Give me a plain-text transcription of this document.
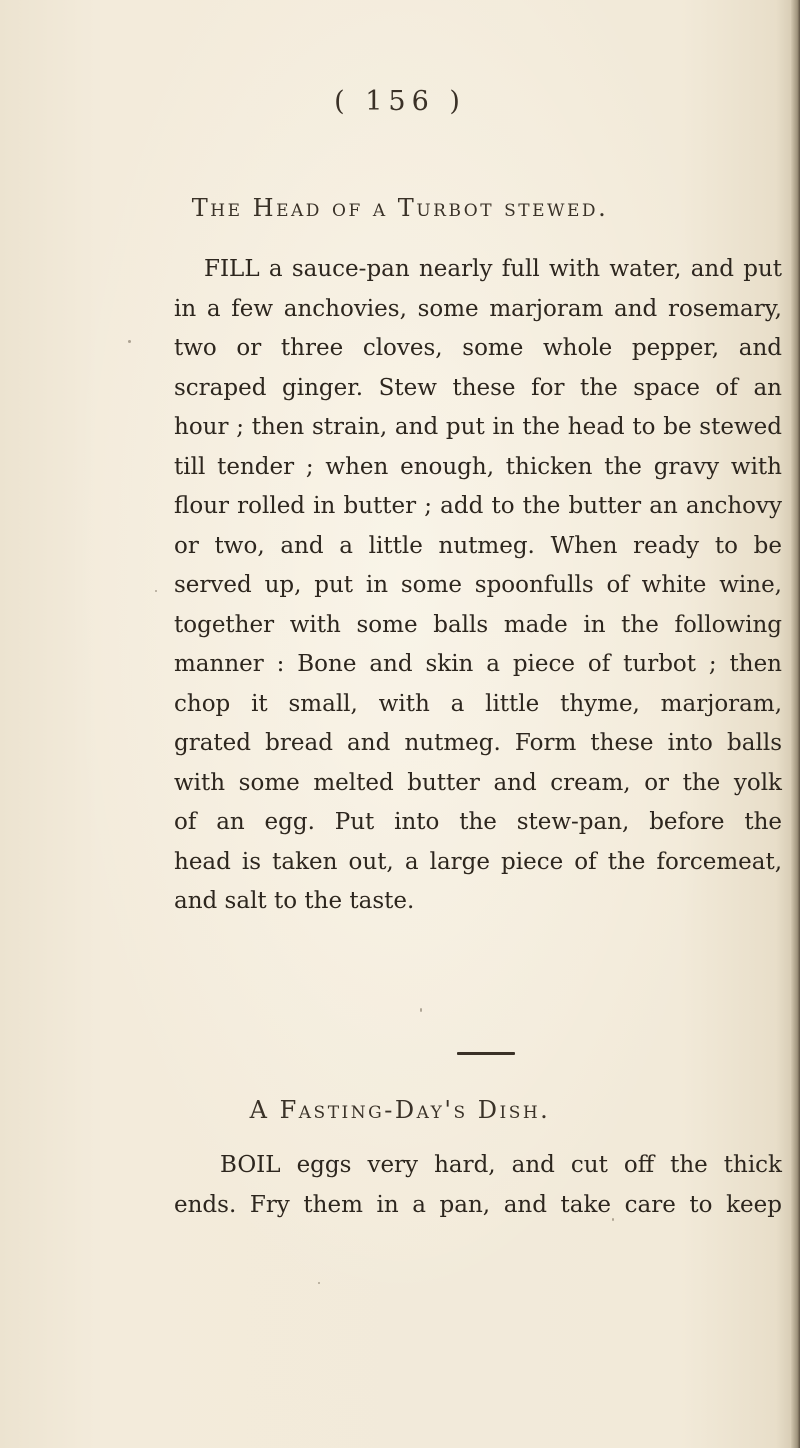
( 156 )
The Head of a Turbot stewed.
FILL a sauce-pan nearly full with water, and put
in a few anchovies, some marjoram and rosemary,
two or three cloves, some whole pepper, and
scraped ginger. Stew these for the space of an
hour ; then strain, and put in the head to be stewed
till tender ; when enough, thicken the gravy with
flour rolled in butter ; add to the butter an anchovy
or two, and a little nutmeg. When ready to be
served up, put in some spoonfulls of white wine,
together with some balls made in the following
manner : Bone and skin a piece of turbot ; then
chop it small, with a little thyme, marjoram,
grated bread and nutmeg. Form these into balls
with some melted butter and cream, or the yolk
of an egg. Put into the stew-pan, before the
head is taken out, a large piece of the forcemeat,
and salt to the taste.
A Fasting-Day's Dish.
BOIL eggs very hard, and cut off the thick
ends. Fry them in a pan, and take care to keep
